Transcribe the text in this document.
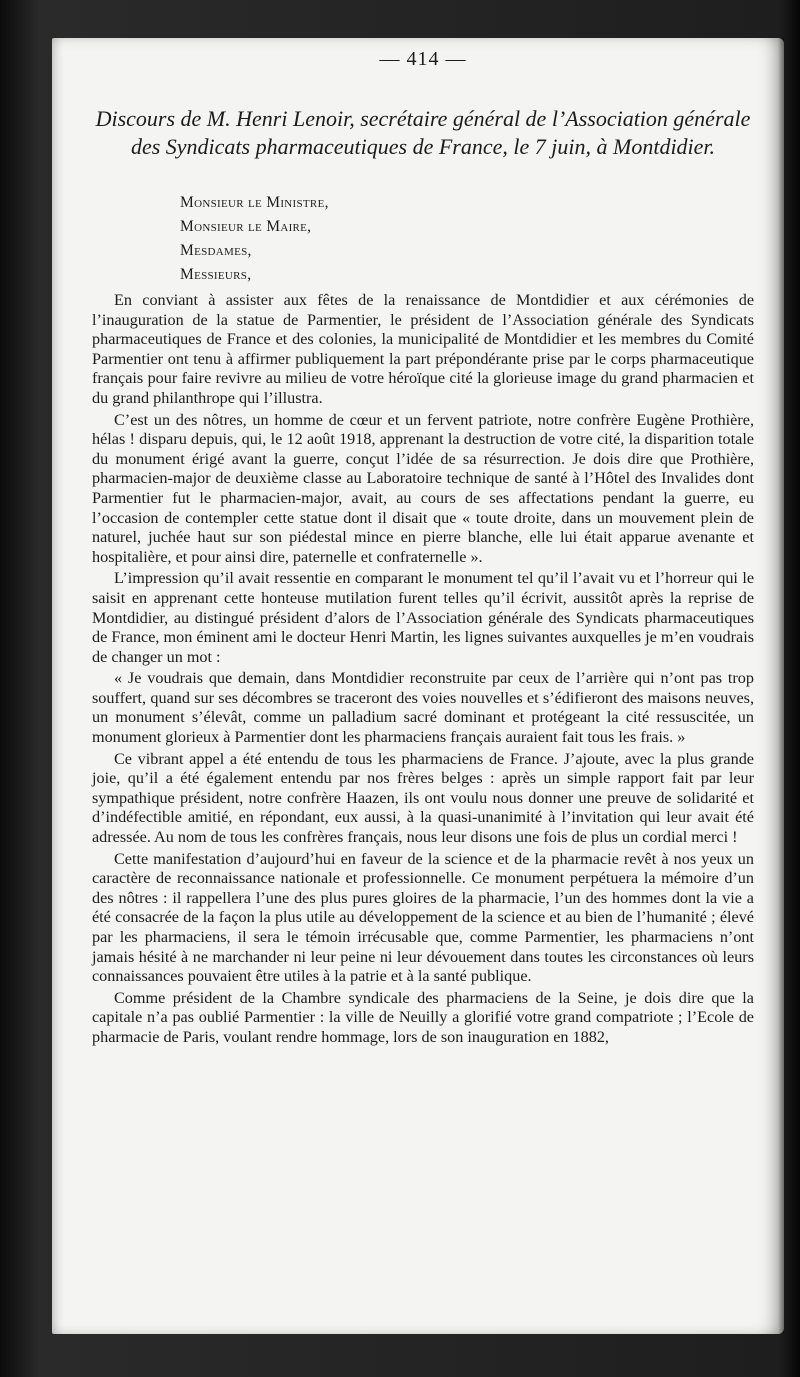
— 414 —
Discours de M. Henri Lenoir, secrétaire général de l’Association générale
des Syndicats pharmaceutiques de France, le 7 juin, à Montdidier.
Monsieur le Ministre,
Monsieur le Maire,
Mesdames,
Messieurs,

En conviant à assister aux fêtes de la renaissance de Montdidier et aux cérémonies de l’inauguration de la statue de Parmentier, le président de l’Association générale des Syndicats pharmaceutiques de France et des colonies, la municipalité de Montdidier et les membres du Comité Parmentier ont tenu à affirmer publiquement la part prépondérante prise par le corps pharmaceutique français pour faire revivre au milieu de votre héroïque cité la glorieuse image du grand pharmacien et du grand philanthrope qui l’illustra.

C’est un des nôtres, un homme de cœur et un fervent patriote, notre confrère Eugène Prothière, hélas ! disparu depuis, qui, le 12 août 1918, apprenant la destruction de votre cité, la disparition totale du monument érigé avant la guerre, conçut l’idée de sa résurrection. Je dois dire que Prothière, pharmacien-major de deuxième classe au Laboratoire technique de santé à l’Hôtel des Invalides dont Parmentier fut le pharmacien-major, avait, au cours de ses affectations pendant la guerre, eu l’occasion de contempler cette statue dont il disait que « toute droite, dans un mouvement plein de naturel, juchée haut sur son piédestal mince en pierre blanche, elle lui était apparue avenante et hospitalière, et pour ainsi dire, paternelle et confraternelle ».

L’impression qu’il avait ressentie en comparant le monument tel qu’il l’avait vu et l’horreur qui le saisit en apprenant cette honteuse mutilation furent telles qu’il écrivit, aussitôt après la reprise de Montdidier, au distingué président d’alors de l’Association générale des Syndicats pharmaceutiques de France, mon éminent ami le docteur Henri Martin, les lignes suivantes auxquelles je m’en voudrais de changer un mot :

« Je voudrais que demain, dans Montdidier reconstruite par ceux de l’arrière qui n’ont pas trop souffert, quand sur ses décombres se traceront des voies nouvelles et s’édifieront des maisons neuves, un monument s’élevât, comme un palladium sacré dominant et protégeant la cité ressuscitée, un monument glorieux à Parmentier dont les pharmaciens français auraient fait tous les frais. »

Ce vibrant appel a été entendu de tous les pharmaciens de France. J’ajoute, avec la plus grande joie, qu’il a été également entendu par nos frères belges : après un simple rapport fait par leur sympathique président, notre confrère Haazen, ils ont voulu nous donner une preuve de solidarité et d’indéfectible amitié, en répondant, eux aussi, à la quasi-unanimité à l’invitation qui leur avait été adressée. Au nom de tous les confrères français, nous leur disons une fois de plus un cordial merci !

Cette manifestation d’aujourd’hui en faveur de la science et de la pharmacie revêt à nos yeux un caractère de reconnaissance nationale et professionnelle. Ce monument perpétuera la mémoire d’un des nôtres : il rappellera l’une des plus pures gloires de la pharmacie, l’un des hommes dont la vie a été consacrée de la façon la plus utile au développement de la science et au bien de l’humanité ; élevé par les pharmaciens, il sera le témoin irrécusable que, comme Parmentier, les pharmaciens n’ont jamais hésité à ne marchander ni leur peine ni leur dévouement dans toutes les circonstances où leurs connaissances pouvaient être utiles à la patrie et à la santé publique.

Comme président de la Chambre syndicale des pharmaciens de la Seine, je dois dire que la capitale n’a pas oublié Parmentier : la ville de Neuilly a glorifié votre grand compatriote ; l’Ecole de pharmacie de Paris, voulant rendre hommage, lors de son inauguration en 1882,
